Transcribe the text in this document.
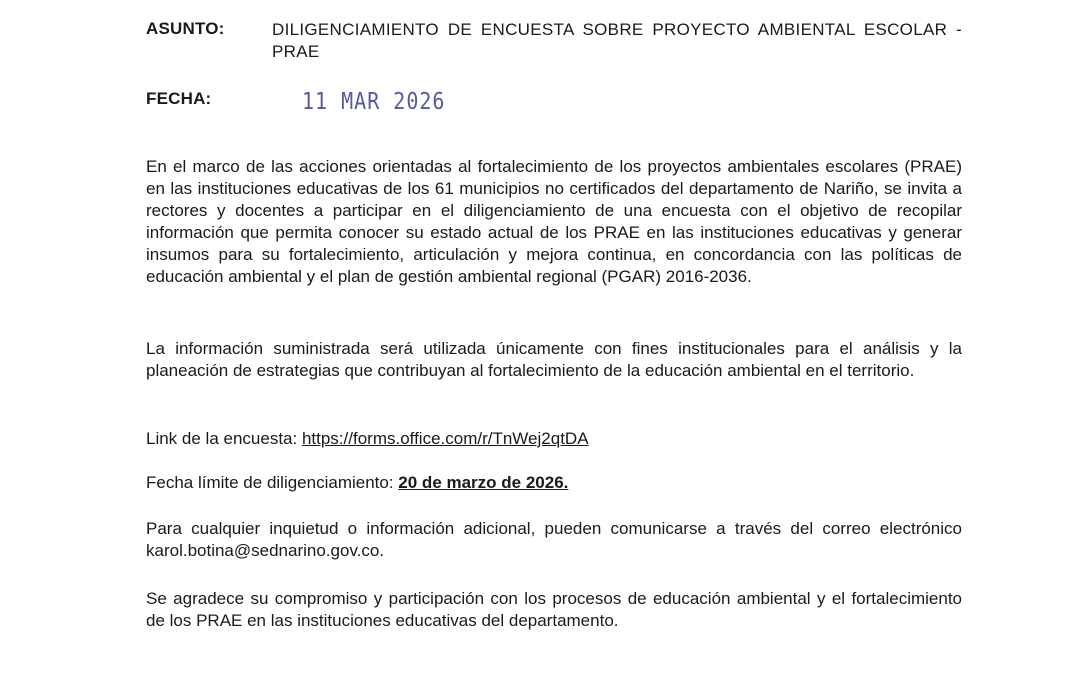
ASUNTO:	DILIGENCIAMIENTO DE ENCUESTA SOBRE PROYECTO AMBIENTAL ESCOLAR - PRAE
FECHA:	11 MAR 2026

En el marco de las acciones orientadas al fortalecimiento de los proyectos ambientales escolares (PRAE) en las instituciones educativas de los 61 municipios no certificados del departamento de Nariño, se invita a rectores y docentes a participar en el diligenciamiento de una encuesta con el objetivo de recopilar información que permita conocer su estado actual de los PRAE en las instituciones educativas y generar insumos para su fortalecimiento, articulación y mejora continua, en concordancia con las políticas de educación ambiental y el plan de gestión ambiental regional (PGAR) 2016-2036.

La información suministrada será utilizada únicamente con fines institucionales para el análisis y la planeación de estrategias que contribuyan al fortalecimiento de la educación ambiental en el territorio.

Link de la encuesta: https://forms.office.com/r/TnWej2qtDA

Fecha límite de diligenciamiento: 20 de marzo de 2026.

Para cualquier inquietud o información adicional, pueden comunicarse a través del correo electrónico karol.botina@sednarino.gov.co.

Se agradece su compromiso y participación con los procesos de educación ambiental y el fortalecimiento de los PRAE en las instituciones educativas del departamento.
